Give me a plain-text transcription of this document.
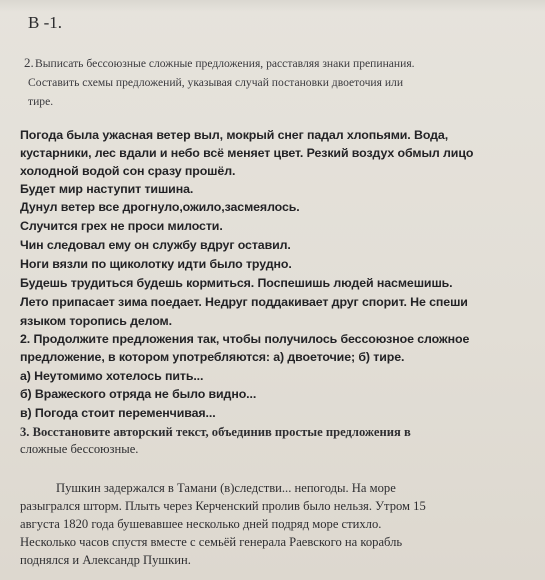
В -1.
2. Выписать бессоюзные сложные предложения, расставляя знаки препинания.
Составить схемы предложений, указывая случай постановки двоеточия или
тире.
Погода была ужасная ветер выл, мокрый снег падал хлопьями. Вода,
кустарники, лес вдали и небо всё меняет цвет. Резкий воздух обмыл лицо
холодной водой сон сразу прошёл.
Будет мир наступит тишина.
Дунул ветер все дрогнуло,ожило,засмеялось.
Случится грех не проси милости.
Чин следовал ему он службу вдруг оставил.
Ноги вязли по щиколотку идти было трудно.
Будешь трудиться будешь кормиться. Поспешишь людей насмешишь.
Лето припасает зима поедает. Недруг поддакивает друг спорит. Не спеши
языком торопись делом.
2. Продолжите предложения так, чтобы получилось бессоюзное сложное
предложение, в котором употребляются: а) двоеточие; б) тире.
а) Неутомимо хотелось пить...
б) Вражеского отряда не было видно...
в) Погода стоит переменчивая...
3. Восстановите авторский текст, объединив простые предложения в
сложные бессоюзные.
Пушкин задержался в Тамани (в)следстви... непогоды. На море
разыгрался шторм. Плыть через Керченский пролив было нельзя. Утром 15
августа 1820 года бушевавшее несколько дней подряд море стихло.
Несколько часов спустя вместе с семьёй генерала Раевского на корабль
поднялся и Александр Пушкин.
